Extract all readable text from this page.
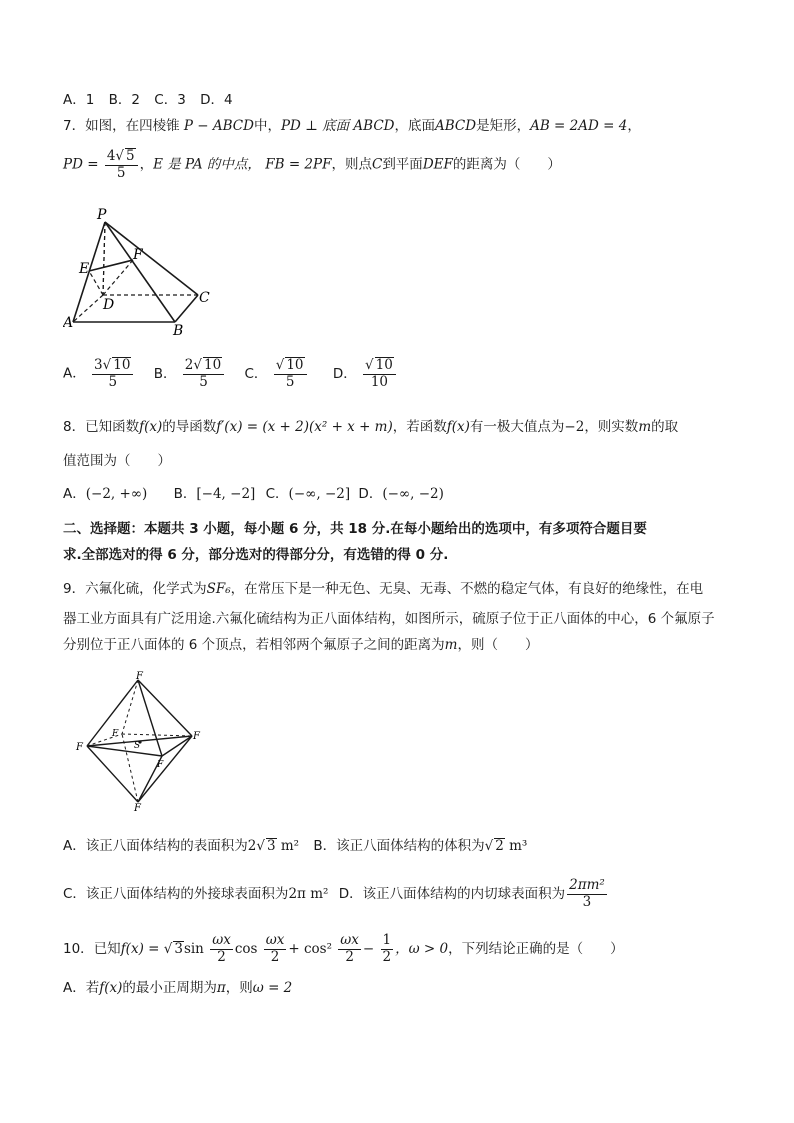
A．1 B．2 C．3 D．4
7．如图，在四棱锥 P − ABCD中，PD ⊥ 底面 ABCD，底面ABCD是矩形，AB = 2AD = 4，
PD = $\frac{4√ 5}{5}$ ，E 是 PA 的中点， FB = 2PF，则点C到平面DEF的距离为（　　）
P
E
F
D
A	B
C
A． $\frac{3√ 10}{5}$ B． $\frac{2√ 10}{5}$ C． $\frac{√ 10}{5}$ D． $\frac{√ 10}{10}$
8．已知函数f(x)的导函数f′(x) = (x + 2)(x² + x + m)，若函数f(x)有一极大值点为−2，则实数m的取
值范围为（　　）
A．(−2, +∞) B．[−4, −2] C．(−∞, −2] D．(−∞, −2)
二、选择题：本题共 3 小题，每小题 6 分，共 18 分.在每小题给出的选项中，有多项符合题目要
求.全部选对的得 6 分，部分选对的得部分分，有选错的得 0 分.
9．六氟化硫，化学式为SF₆，在常压下是一种无色、无臭、无毒、不燃的稳定气体，有良好的绝缘性，在电
器工业方面具有广泛用途.六氟化硫结构为正八面体结构，如图所示，硫原子位于正八面体的中心，6 个氟原子
分别位于正八面体的 6 个顶点，若相邻两个氟原子之间的距离为m，则（　　）
F
F
F
F
S
F
F
A．该正八面体结构的表面积为2√ 3 m² B．该正八面体结构的体积为√ 2 m³
C．该正八面体结构的外接球表面积为2π m² D．该正八面体结构的内切球表面积为 $\frac{\text{2πm²}}{3}$
10．已知f(x) = √ $3\sin \frac{\omega x}{2}$ $\cos \frac{\omega x}{2} + \cos^2 \frac{\omega x}{2} - \frac{1}{2}$ ，ω > 0，下列结论正确的是（　　）
A．若f(x)的最小正周期为π，则ω = 2
